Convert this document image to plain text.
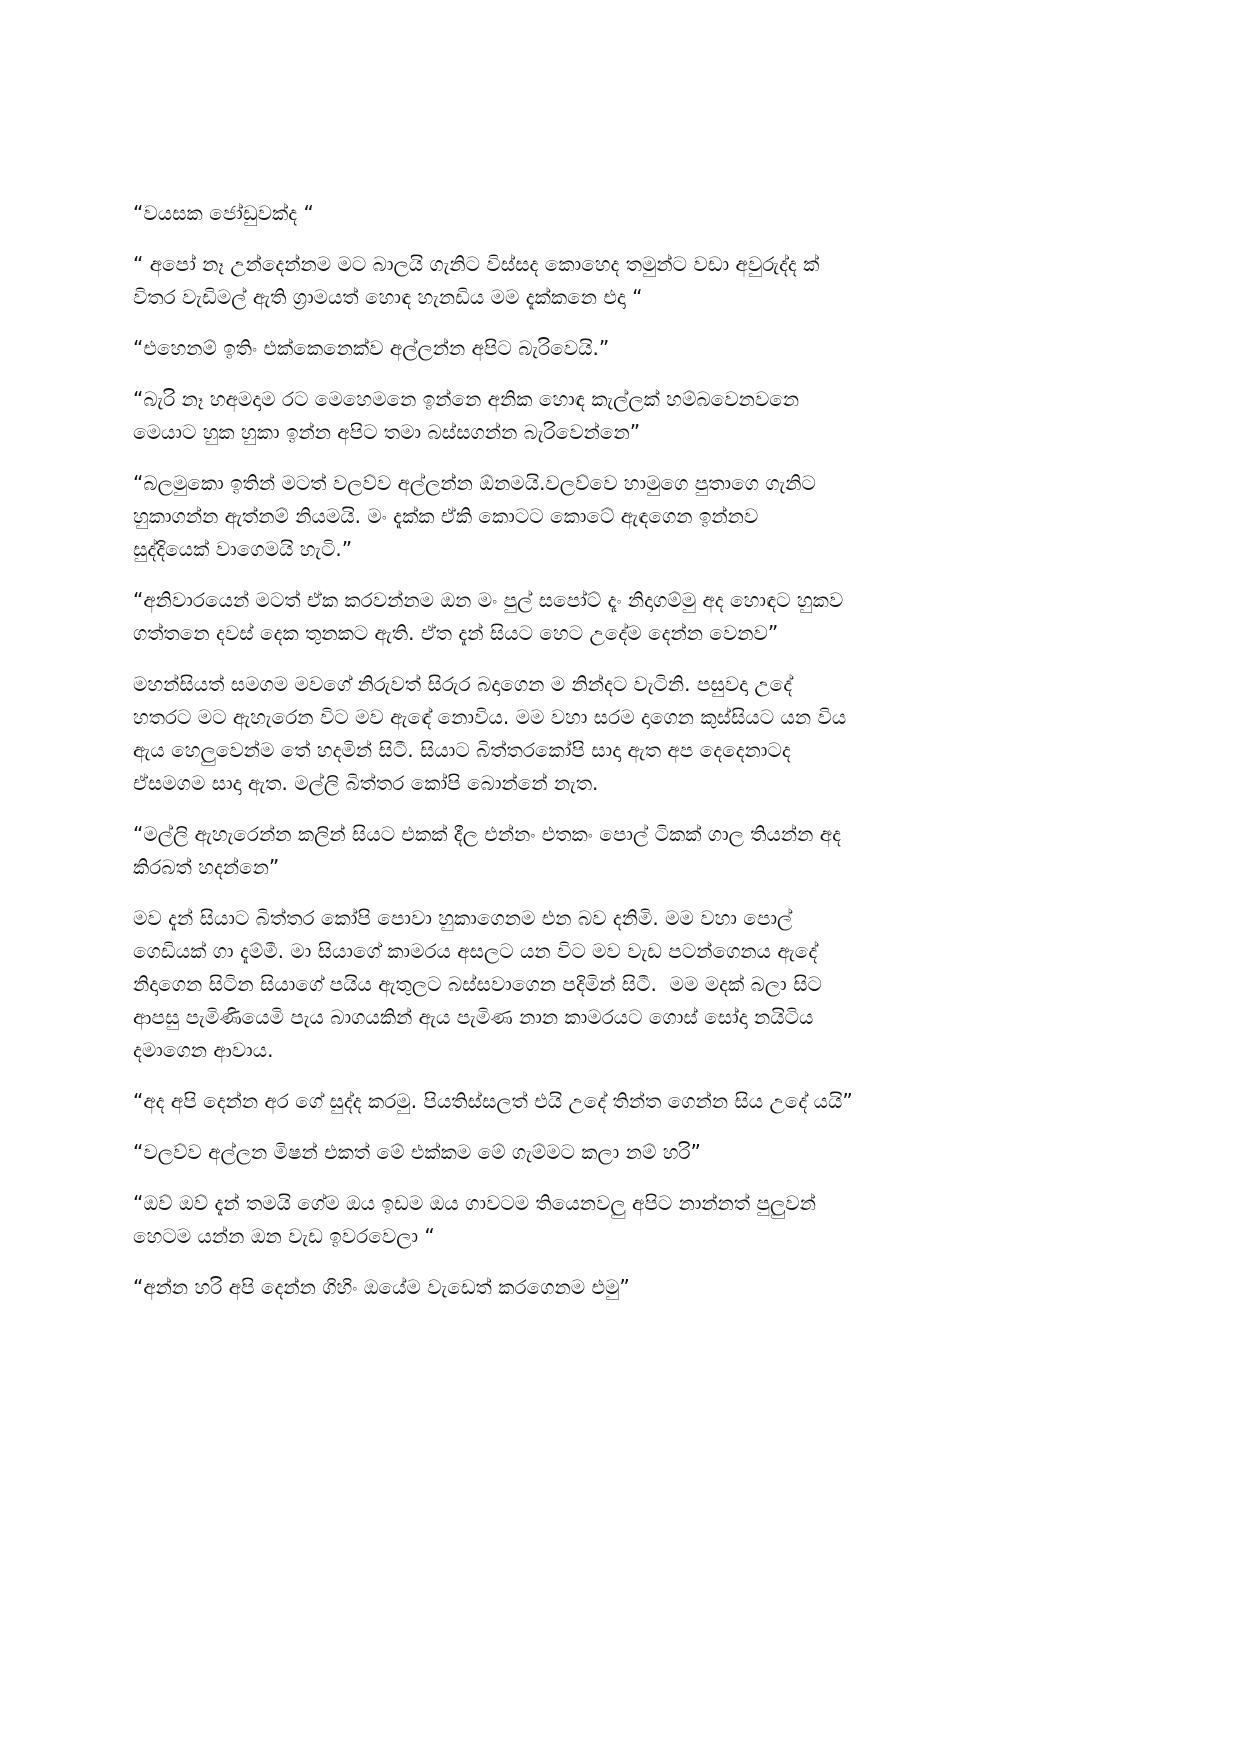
“වයසක ජෝඩුවක්ද “
“ අපෝ නෑ උන්දෙන්නම මට බාලයි ගැනිට විස්සද කොහෙද තමුන්ට වඩා අවුරුද්ද ක්
විතර වැඩිමල් ඇති ග්‍රාමයත් හොඳ හැනඩිය මම දැක්කනෙ එදා “
“එහෙනම් ඉතිං එක්කෙනෙක්ව අල්ලන්න අපිට බැරිවෙයි.”
“බැරි නෑ හඅමදාම රට මෙහෙමනෙ ඉන්නෙ අනික හොඳ කැල්ලක් හම්බවෙනවනෙ
මෙයාට හුක හුකා ඉන්න අපිට තමා බස්සගන්න බැරිවෙන්නෙ”
“බලමුකො ඉතින් මටත් වලව්ව අල්ලන්න ඕනමයි.වලව්වෙ හාමුගෙ පුතාගෙ ගැනිට
හුකාගන්න ඇත්නම් නියමයි. මං දැක්ක ඒකි කොටට කොටේ ඇඳගෙන ඉන්නව
සුද්දියෙක් වාගෙමයි හැටි.”
“අනිවාරයෙන් මටත් ඒක කරවන්නම ඔන මං පුල් සපෝට් දෑං නිදාගම්මු අද හොඳට හුකව
ගත්තනෙ දවස් දෙක තුනකට ඇති. ඒත දැන් සියට හෙට උදේම දෙන්න වෙනව”
මහන්සියත් සමගම මවගේ නිරුවත් සිරුර බදාගෙන ම නින්දට වැටිනි. පසුවදා උදේ
හතරට මට ඇහැරෙන විට මව ඇඳේ නොවිය. මම වහා සරම දාගෙන කුස්සියට යන විය
ඇය හෙලුවෙන්ම තේ හදමින් සිටී. සියාට බිත්තරකෝපි සාදා ඇත අප දෙදෙනාටද
ඒසමගම සාදා ඇත. මල්ලි බිත්තර කෝපි බොන්නේ නැත.
“මල්ලි ඇහැරෙන්න කලින් සියට එකක් දීල එන්නං එතකං පොල් ටිකක් ගාල තියන්න අද
කිරබත් හදන්නෙ”
මව දැන් සියාට බිත්තර කෝපි පොවා හුකාගෙනම එන බව දනිමි. මම වහා පොල්
ගෙඩියක් ගා දැම්මී. මා සියාගේ කාමරය අසලට යන විට මව වැඩ පටන්ගෙනය ඇදේ
නිදාගෙන සිටින සියාගේ පයිය ඇතුලට බස්සවාගෙන පදිමින් සිටී.  මම මදක් බලා සිට
ආපසු පැමිණියෙමි පැය බාගයකින් ඇය පැමිණ නාන කාමරයට ගොස් සෝදා නයිටිය
දමාගෙන ආවාය.
“අද අපි දෙන්න අර ගේ සුද්ද කරමු. පියතිස්සලත් එයි උදේ තින්ත ගෙන්න සිය උදේ යයි”
“වලව්ව අල්ලන මිෂන් එකත් මේ එක්කම මේ ගැම්මට කලා නම් හරි”
“ඔව් ඔව් දැන් තමයි ගේම ඔය ඉඩම ඔය ගාවටම තියෙනවලු අපිට නාන්නත් පුලුවන්
හෙටම යන්න ඔන වැඩ ඉවරවෙලා “
“අන්න හරි අපි දෙන්න ගිහිං ඔයේම වැඩෙත් කරගෙනම එමු”
